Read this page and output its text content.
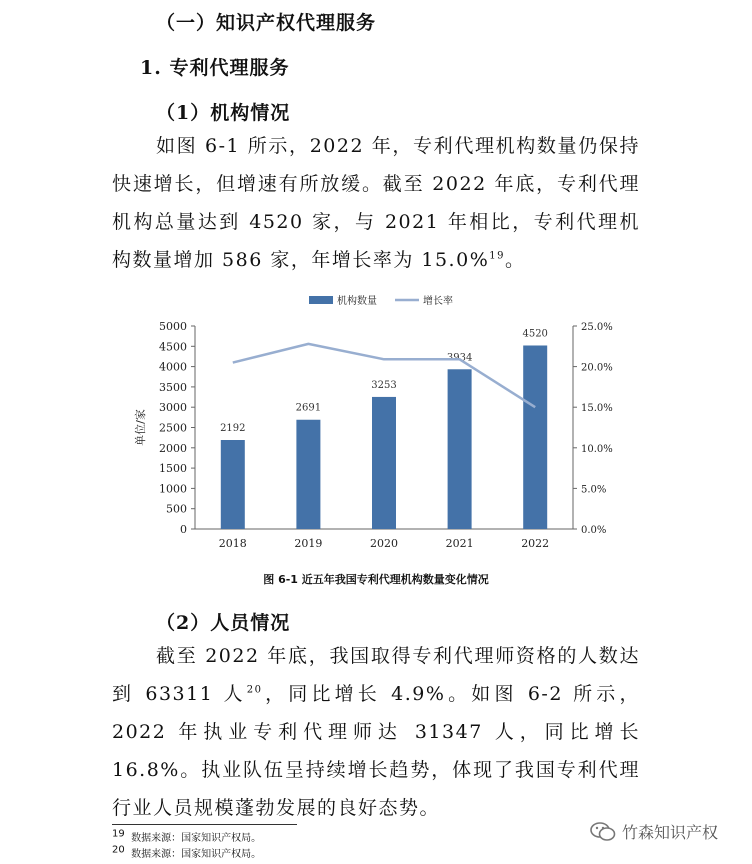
（一）知识产权代理服务
1. 专利代理服务
（1）机构情况

如图 6-1 所示，2022 年，专利代理机构数量仍保持快速增长，但增速有所放缓。截至 2022 年底，专利代理机构总量达到 4520 家，与 2021 年相比，专利代理机构数量增加 586 家，年增长率为 15.0%$^{19}$。

机构数量	增长率
0
500
1000
1500
2000
2500
3000
3500
4000
4500
5000
0.0%
5.0%
10.0%
15.0%
20.0%
25.0%
2018	2019	2020	2021	2022
单位/家	2192
2691
3253
3934
4520
图 6-1 近五年我国专利代理机构数量变化情况
（2）人员情况

截至 2022 年底，我国取得专利代理师资格的人数达到 63311 人$^{20}$，同比增长 4.9%。如图 6-2 所示，2022 年执业专利代理师达 31347 人，同比增长 16.8%。执业队伍呈持续增长趋势，体现了我国专利代理行业人员规模蓬勃发展的良好态势。

$^{19}$ 数据来源：国家知识产权局。
$^{20}$ 数据来源：国家知识产权局。
竹森知识产权
